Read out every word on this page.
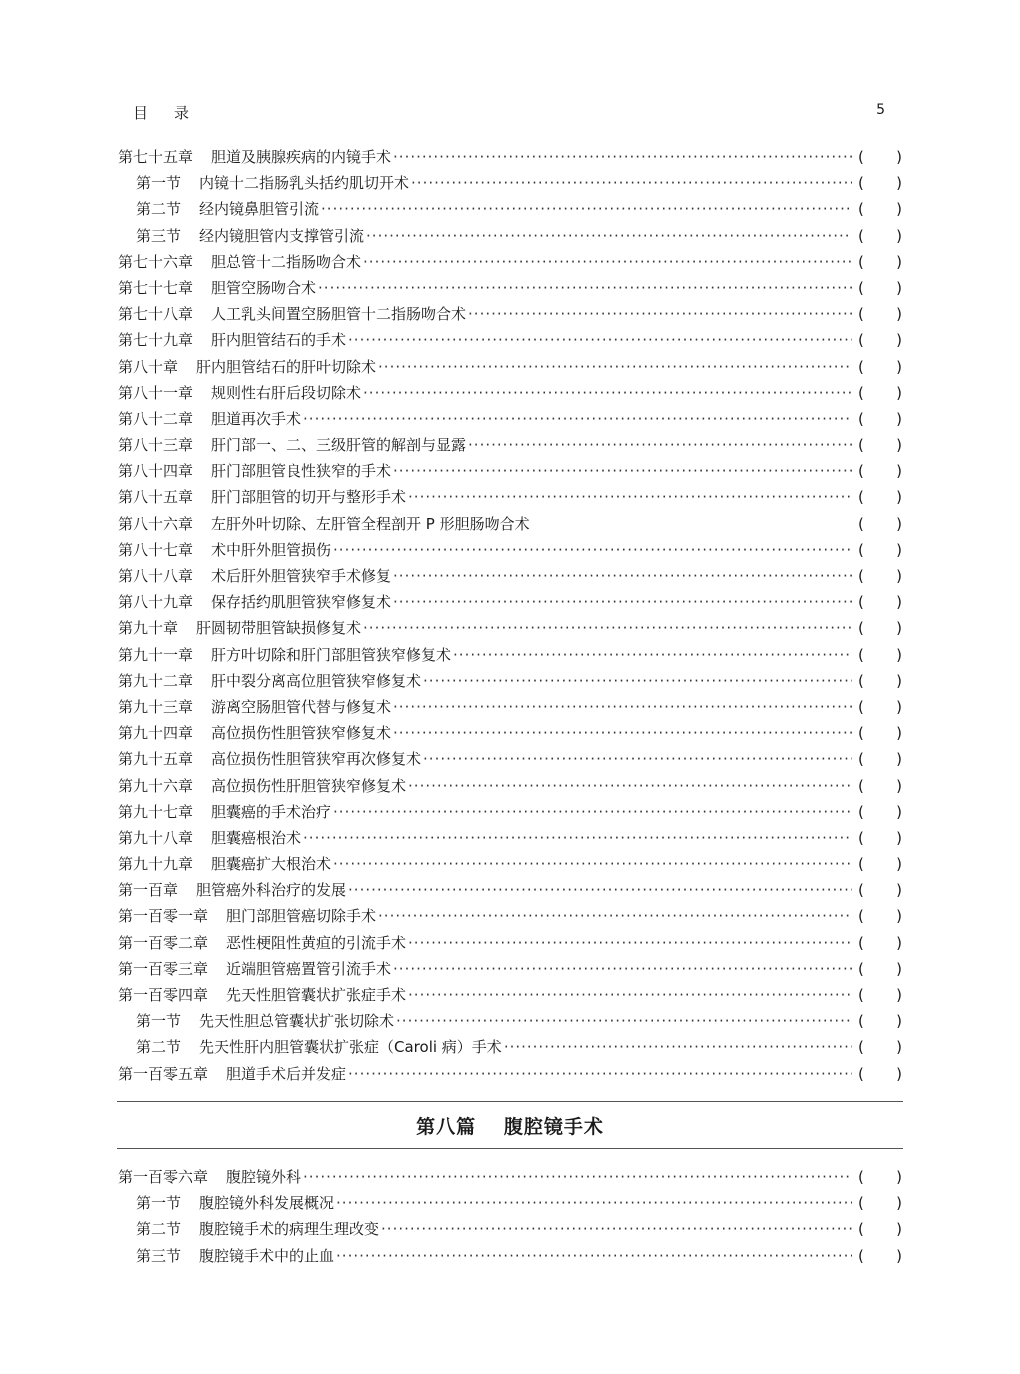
目录	5
第七十五章 胆道及胰腺疾病的内镜手术 ·····	( )
第一节 内镜十二指肠乳头括约肌切开术 ·····	( )
第二节 经内镜鼻胆管引流 ·····	( )
第三节 经内镜胆管内支撑管引流 ·····	( )
第七十六章 胆总管十二指肠吻合术 ·····	( )
第七十七章 胆管空肠吻合术 ·····	( )
第七十八章 人工乳头间置空肠胆管十二指肠吻合术 ·····	( )
第七十九章 肝内胆管结石的手术 ·····	( )
第八十章 肝内胆管结石的肝叶切除术 ·····	( )
第八十一章 规则性右肝后段切除术 ·····	( )
第八十二章 胆道再次手术 ·····	( )
第八十三章 肝门部一、二、三级肝管的解剖与显露 ·····	( )
第八十四章 肝门部胆管良性狭窄的手术 ·····	( )
第八十五章 肝门部胆管的切开与整形手术 ·····	( )
第八十六章 左肝外叶切除、左肝管全程剖开 P 形胆肠吻合术	( )
第八十七章 术中肝外胆管损伤 ·····	( )
第八十八章 术后肝外胆管狭窄手术修复 ·····	( )
第八十九章 保存括约肌胆管狭窄修复术 ·····	( )
第九十章 肝圆韧带胆管缺损修复术 ·····	( )
第九十一章 肝方叶切除和肝门部胆管狭窄修复术 ·····	( )
第九十二章 肝中裂分离高位胆管狭窄修复术 ·····	( )
第九十三章 游离空肠胆管代替与修复术 ·····	( )
第九十四章 高位损伤性胆管狭窄修复术 ·····	( )
第九十五章 高位损伤性胆管狭窄再次修复术 ·····	( )
第九十六章 高位损伤性肝胆管狭窄修复术 ·····	( )
第九十七章 胆囊癌的手术治疗 ·····	( )
第九十八章 胆囊癌根治术 ·····	( )
第九十九章 胆囊癌扩大根治术 ·····	( )
第一百章 胆管癌外科治疗的发展 ·····	( )
第一百零一章 胆门部胆管癌切除手术 ·····	( )
第一百零二章 恶性梗阻性黄疸的引流手术 ·····	( )
第一百零三章 近端胆管癌置管引流手术 ·····	( )
第一百零四章 先天性胆管囊状扩张症手术 ·····	( )
第一节 先天性胆总管囊状扩张切除术 ·····	( )
第二节 先天性肝内胆管囊状扩张症（Caroli 病）手术 ·····	( )
第一百零五章 胆道手术后并发症 ·····	( )
第八篇 腹腔镜手术
第一百零六章 腹腔镜外科 ·····	( )
第一节 腹腔镜外科发展概况 ·····	( )
第二节 腹腔镜手术的病理生理改变 ·····	( )
第三节 腹腔镜手术中的止血 ·····	( )
